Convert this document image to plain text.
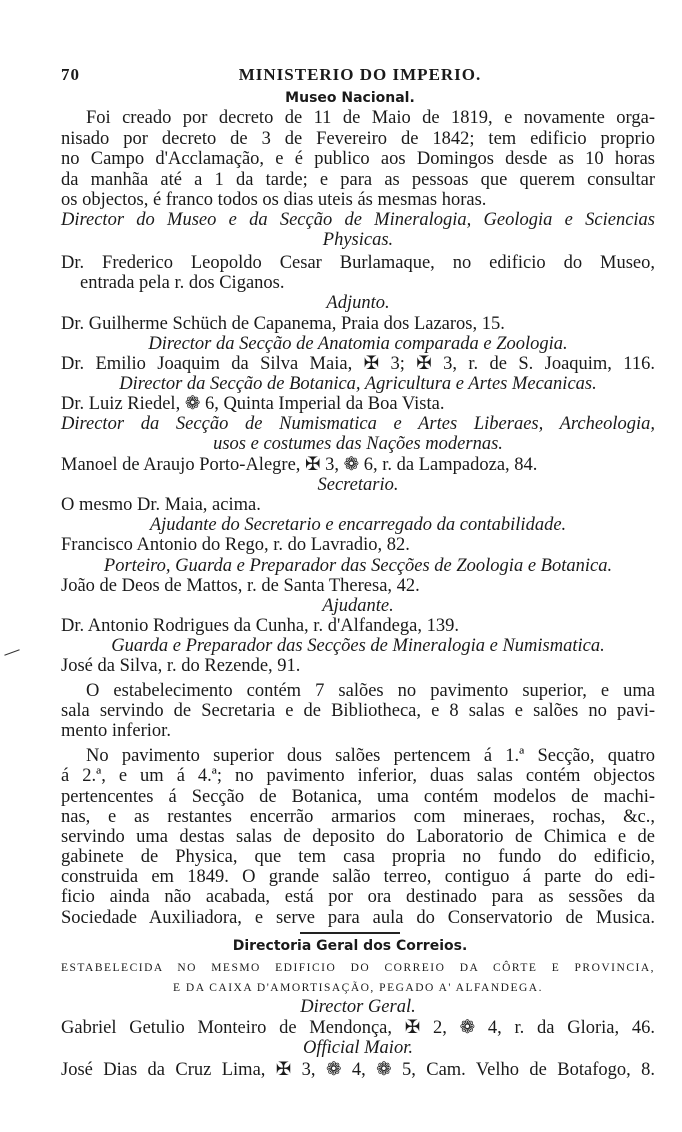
70	MINISTERIO DO IMPERIO.
Museo Nacional.
Foi creado por decreto de 11 de Maio de 1819, e novamente orga-
nisado por decreto de 3 de Fevereiro de 1842; tem edificio proprio
no Campo d'Acclamação, e é publico aos Domingos desde as 10 horas
da manhãa até a 1 da tarde; e para as pessoas que querem consultar
os objectos, é franco todos os dias uteis ás mesmas horas.
Director do Museo e da Secção de Mineralogia, Geologia e Sciencias
Physicas.
Dr. Frederico Leopoldo Cesar Burlamaque, no edificio do Museo,
entrada pela r. dos Ciganos.
Adjunto.
Dr. Guilherme Schüch de Capanema, Praia dos Lazaros, 15.
Director da Secção de Anatomia comparada e Zoologia.
Dr. Emilio Joaquim da Silva Maia, ✠ 3; ✠ 3, r. de S. Joaquim, 116.
Director da Secção de Botanica, Agricultura e Artes Mecanicas.
Dr. Luiz Riedel, ❁ 6, Quinta Imperial da Boa Vista.
Director da Secção de Numismatica e Artes Liberaes, Archeologia,
usos e costumes das Nações modernas.
Manoel de Araujo Porto-Alegre, ✠ 3, ❁ 6, r. da Lampadoza, 84.
Secretario.
O mesmo Dr. Maia, acima.
Ajudante do Secretario e encarregado da contabilidade.
Francisco Antonio do Rego, r. do Lavradio, 82.
Porteiro, Guarda e Preparador das Secções de Zoologia e Botanica.
João de Deos de Mattos, r. de Santa Theresa, 42.
Ajudante.
Dr. Antonio Rodrigues da Cunha, r. d'Alfandega, 139.
Guarda e Preparador das Secções de Mineralogia e Numismatica.
José da Silva, r. do Rezende, 91.
O estabelecimento contém 7 salões no pavimento superior, e uma
sala servindo de Secretaria e de Bibliotheca, e 8 salas e salões no pavi-
mento inferior.
No pavimento superior dous salões pertencem á 1.ª Secção, quatro
á 2.ª, e um á 4.ª; no pavimento inferior, duas salas contém objectos
pertencentes á Secção de Botanica, uma contém modelos de machi-
nas, e as restantes encerrão armarios com mineraes, rochas, &c.,
servindo uma destas salas de deposito do Laboratorio de Chimica e de
gabinete de Physica, que tem casa propria no fundo do edificio,
construida em 1849. O grande salão terreo, contiguo á parte do edi-
ficio ainda não acabada, está por ora destinado para as sessões da
Sociedade Auxiliadora, e serve para aula do Conservatorio de Musica.
Directoria Geral dos Correios.
ESTABELECIDA NO MESMO EDIFICIO DO CORREIO DA CÔRTE E PROVINCIA,
E DA CAIXA D'AMORTISAÇÃO, PEGADO A' ALFANDEGA.
Director Geral.
Gabriel Getulio Monteiro de Mendonça, ✠ 2, ❁ 4, r. da Gloria, 46.
Official Maior.
José Dias da Cruz Lima, ✠ 3, ❁ 4, ❁ 5, Cam. Velho de Botafogo, 8.
